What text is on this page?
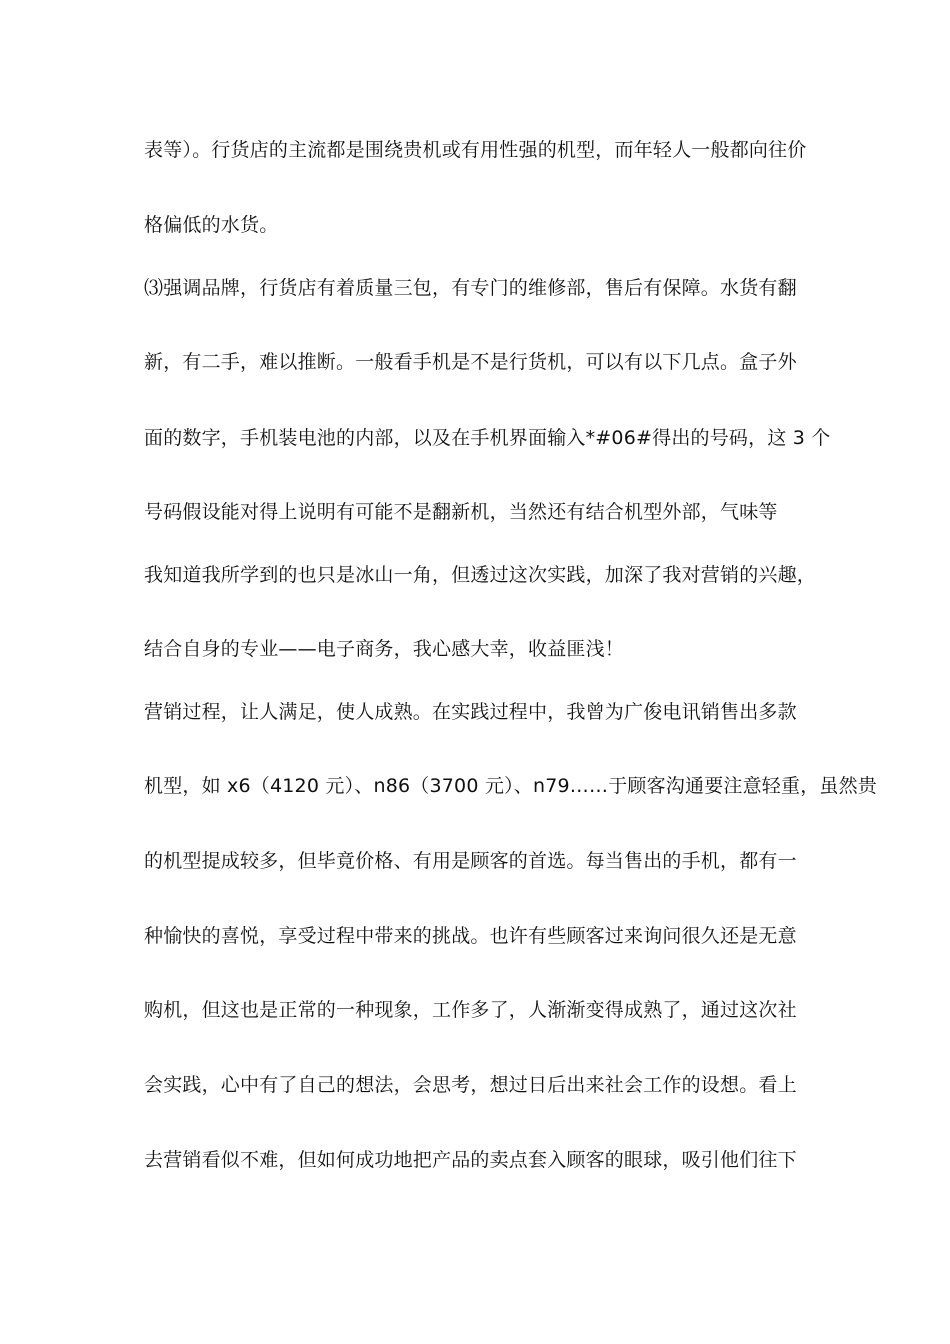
表等）。行货店的主流都是围绕贵机或有用性强的机型，而年轻人一般都向往价
格偏低的水货。
⑶强调品牌，行货店有着质量三包，有专门的维修部，售后有保障。水货有翻
新，有二手，难以推断。一般看手机是不是行货机，可以有以下几点。盒子外
面的数字，手机装电池的内部，以及在手机界面输入*#06#得出的号码，这 3 个
号码假设能对得上说明有可能不是翻新机，当然还有结合机型外部，气味等
我知道我所学到的也只是冰山一角，但透过这次实践，加深了我对营销的兴趣，
结合自身的专业——电子商务，我心感大幸，收益匪浅！
营销过程，让人满足，使人成熟。在实践过程中，我曾为广俊电讯销售出多款
机型，如 x6（4120 元）、n86（3700 元）、n79……于顾客沟通要注意轻重，虽然贵
的机型提成较多，但毕竟价格、有用是顾客的首选。每当售出的手机，都有一
种愉快的喜悦，享受过程中带来的挑战。也许有些顾客过来询问很久还是无意
购机，但这也是正常的一种现象，工作多了，人渐渐变得成熟了，通过这次社
会实践，心中有了自己的想法，会思考，想过日后出来社会工作的设想。看上
去营销看似不难，但如何成功地把产品的卖点套入顾客的眼球，吸引他们往下
